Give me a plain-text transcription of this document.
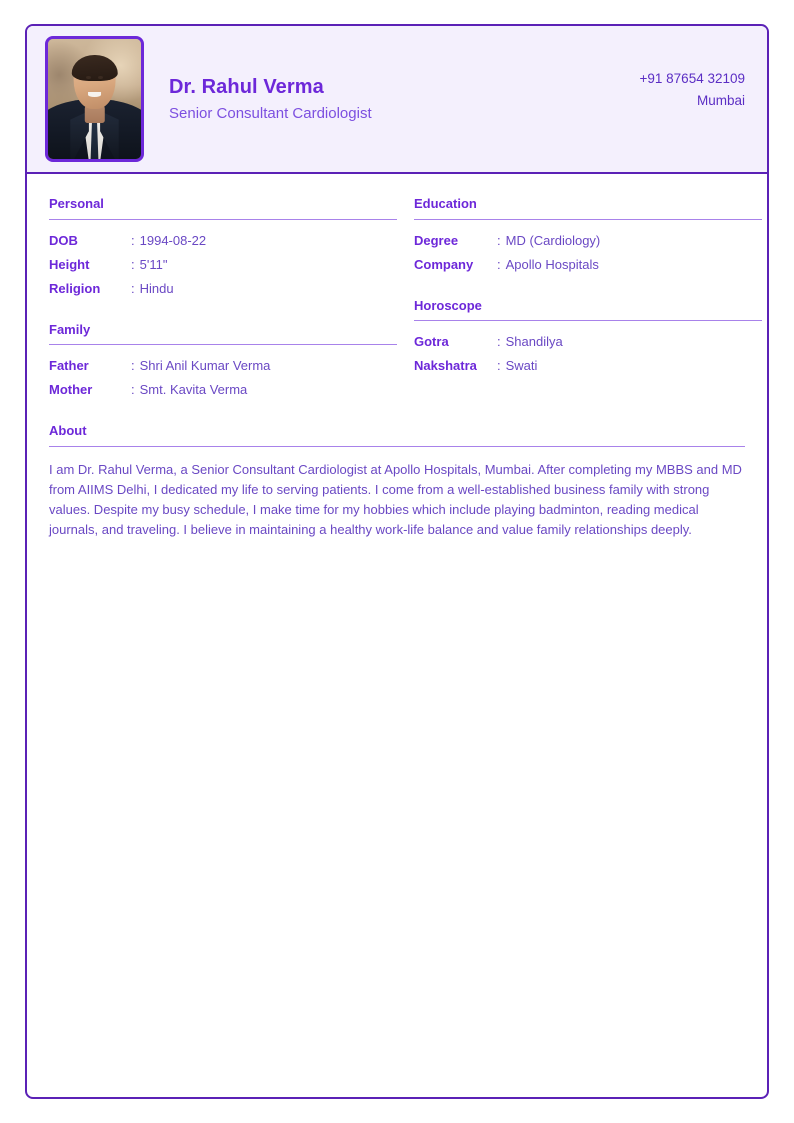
Dr. Rahul Verma
Senior Consultant Cardiologist
+91 87654 32109
Mumbai
Personal
DOB	: 1994-08-22
Height	: 5'11"
Religion	: Hindu
Family
Father	: Shri Anil Kumar Verma
Mother	: Smt. Kavita Verma
Education
Degree	: MD (Cardiology)
Company	: Apollo Hospitals
Horoscope
Gotra	: Shandilya
Nakshatra	: Swati
About
I am Dr. Rahul Verma, a Senior Consultant Cardiologist at Apollo Hospitals, Mumbai. After completing my MBBS and MD from AIIMS Delhi, I dedicated my life to serving patients. I come from a well-established business family with strong values. Despite my busy schedule, I make time for my hobbies which include playing badminton, reading medical journals, and traveling. I believe in maintaining a healthy work-life balance and value family relationships deeply.
